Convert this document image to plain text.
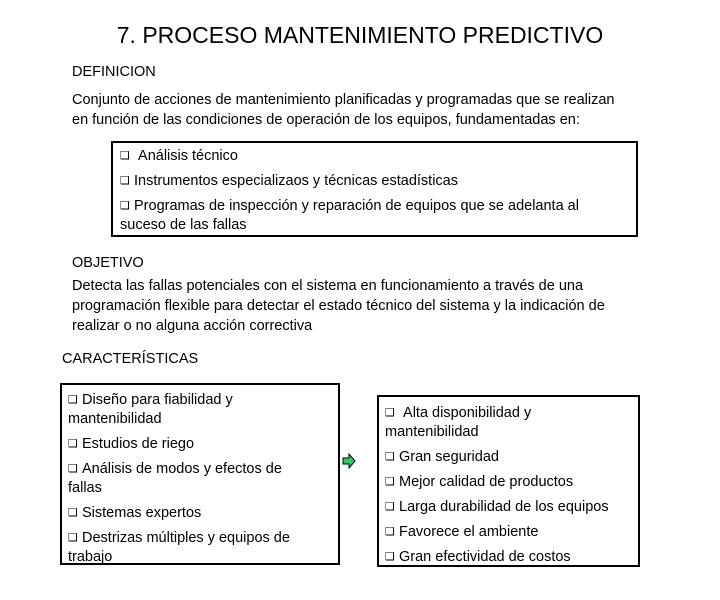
7. PROCESO MANTENIMIENTO PREDICTIVO
DEFINICION
Conjunto de acciones de mantenimiento planificadas y programadas que se realizan
en función de las condiciones de operación de los equipos, fundamentadas en:
❑ Análisis técnico
❑ Instrumentos especializaos y técnicas estadísticas
❑ Programas de inspección y reparación de equipos que se adelanta al
suceso de las fallas
OBJETIVO
Detecta las fallas potenciales con el sistema en funcionamiento a través de una
programación flexible para detectar el estado técnico del sistema y la indicación de
realizar o no alguna acción correctiva
CARACTERÍSTICAS
❑ Diseño para fiabilidad y
mantenibilidad
❑ Estudios de riego
❑ Análisis de modos y efectos de
fallas
❑ Sistemas expertos
❑ Destrizas múltiples y equipos de
trabajo
❑ Alta disponibilidad y
mantenibilidad
❑ Gran seguridad
❑ Mejor calidad de productos
❑ Larga durabilidad de los equipos
❑ Favorece el ambiente
❑ Gran efectividad de costos
